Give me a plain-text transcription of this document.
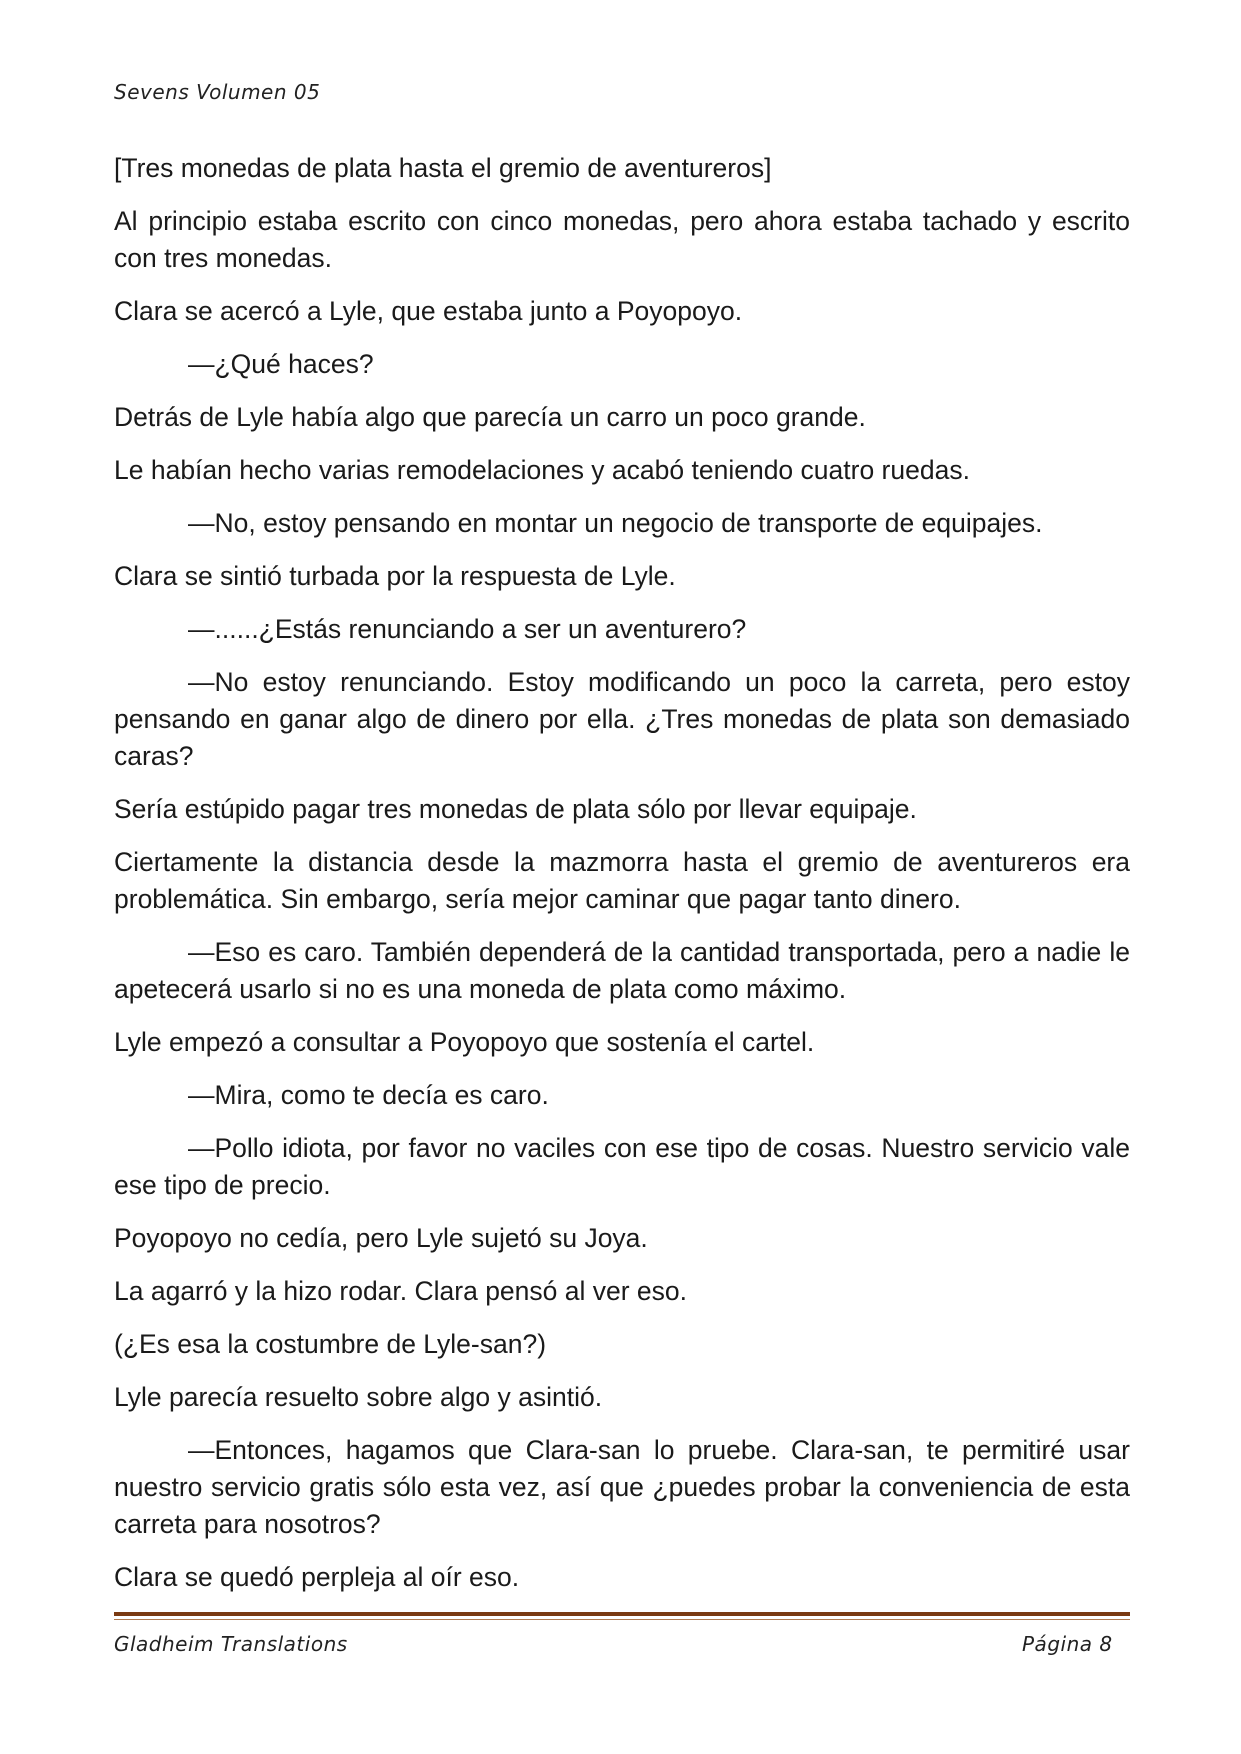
Sevens Volumen 05

[Tres monedas de plata hasta el gremio de aventureros]

Al principio estaba escrito con cinco monedas, pero ahora estaba tachado y escrito con tres monedas.

Clara se acercó a Lyle, que estaba junto a Poyopoyo.

—¿Qué haces?

Detrás de Lyle había algo que parecía un carro un poco grande.

Le habían hecho varias remodelaciones y acabó teniendo cuatro ruedas.

—No, estoy pensando en montar un negocio de transporte de equipajes.

Clara se sintió turbada por la respuesta de Lyle.

—......¿Estás renunciando a ser un aventurero?

—No estoy renunciando. Estoy modificando un poco la carreta, pero estoy pensando en ganar algo de dinero por ella. ¿Tres monedas de plata son demasiado caras?

Sería estúpido pagar tres monedas de plata sólo por llevar equipaje.

Ciertamente la distancia desde la mazmorra hasta el gremio de aventureros era problemática. Sin embargo, sería mejor caminar que pagar tanto dinero.

—Eso es caro. También dependerá de la cantidad transportada, pero a nadie le apetecerá usarlo si no es una moneda de plata como máximo.

Lyle empezó a consultar a Poyopoyo que sostenía el cartel.

—Mira, como te decía es caro.

—Pollo idiota, por favor no vaciles con ese tipo de cosas. Nuestro servicio vale ese tipo de precio.

Poyopoyo no cedía, pero Lyle sujetó su Joya.

La agarró y la hizo rodar. Clara pensó al ver eso.

(¿Es esa la costumbre de Lyle-san?)

Lyle parecía resuelto sobre algo y asintió.

—Entonces, hagamos que Clara-san lo pruebe. Clara-san, te permitiré usar nuestro servicio gratis sólo esta vez, así que ¿puedes probar la conveniencia de esta carreta para nosotros?

Clara se quedó perpleja al oír eso.

Gladheim Translations	Página 8
